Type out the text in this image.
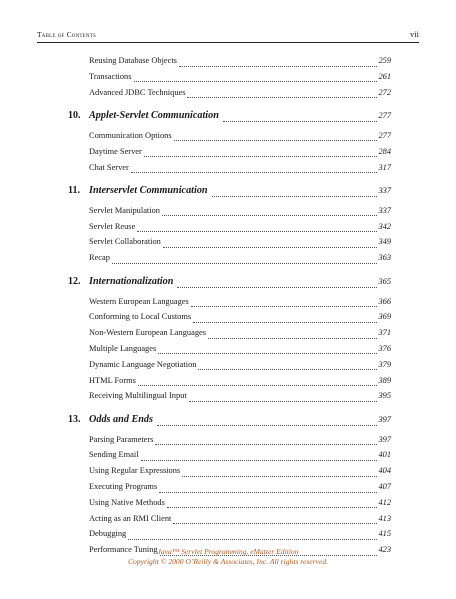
Table of Contents	vii
Reusing Database Objects	259
Transactions	261
Advanced JDBC Techniques	272
10. Applet-Servlet Communication	277
Communication Options	277
Daytime Server	284
Chat Server	317
11. Interservlet Communication	337
Servlet Manipulation	337
Servlet Reuse	342
Servlet Collaboration	349
Recap	363
12. Internationalization	365
Western European Languages	366
Conforming to Local Customs	369
Non-Western European Languages	371
Multiple Languages	376
Dynamic Language Negotiation	379
HTML Forms	389
Receiving Multilingual Input	395
13. Odds and Ends	397
Parsing Parameters	397
Sending Email	401
Using Regular Expressions	404
Executing Programs	407
Using Native Methods	412
Acting as an RMI Client	413
Debugging	415
Performance Tuning	423
Java™ Servlet Programming, eMatter Edition
Copyright © 2000 O’Reilly & Associates, Inc. All rights reserved.
